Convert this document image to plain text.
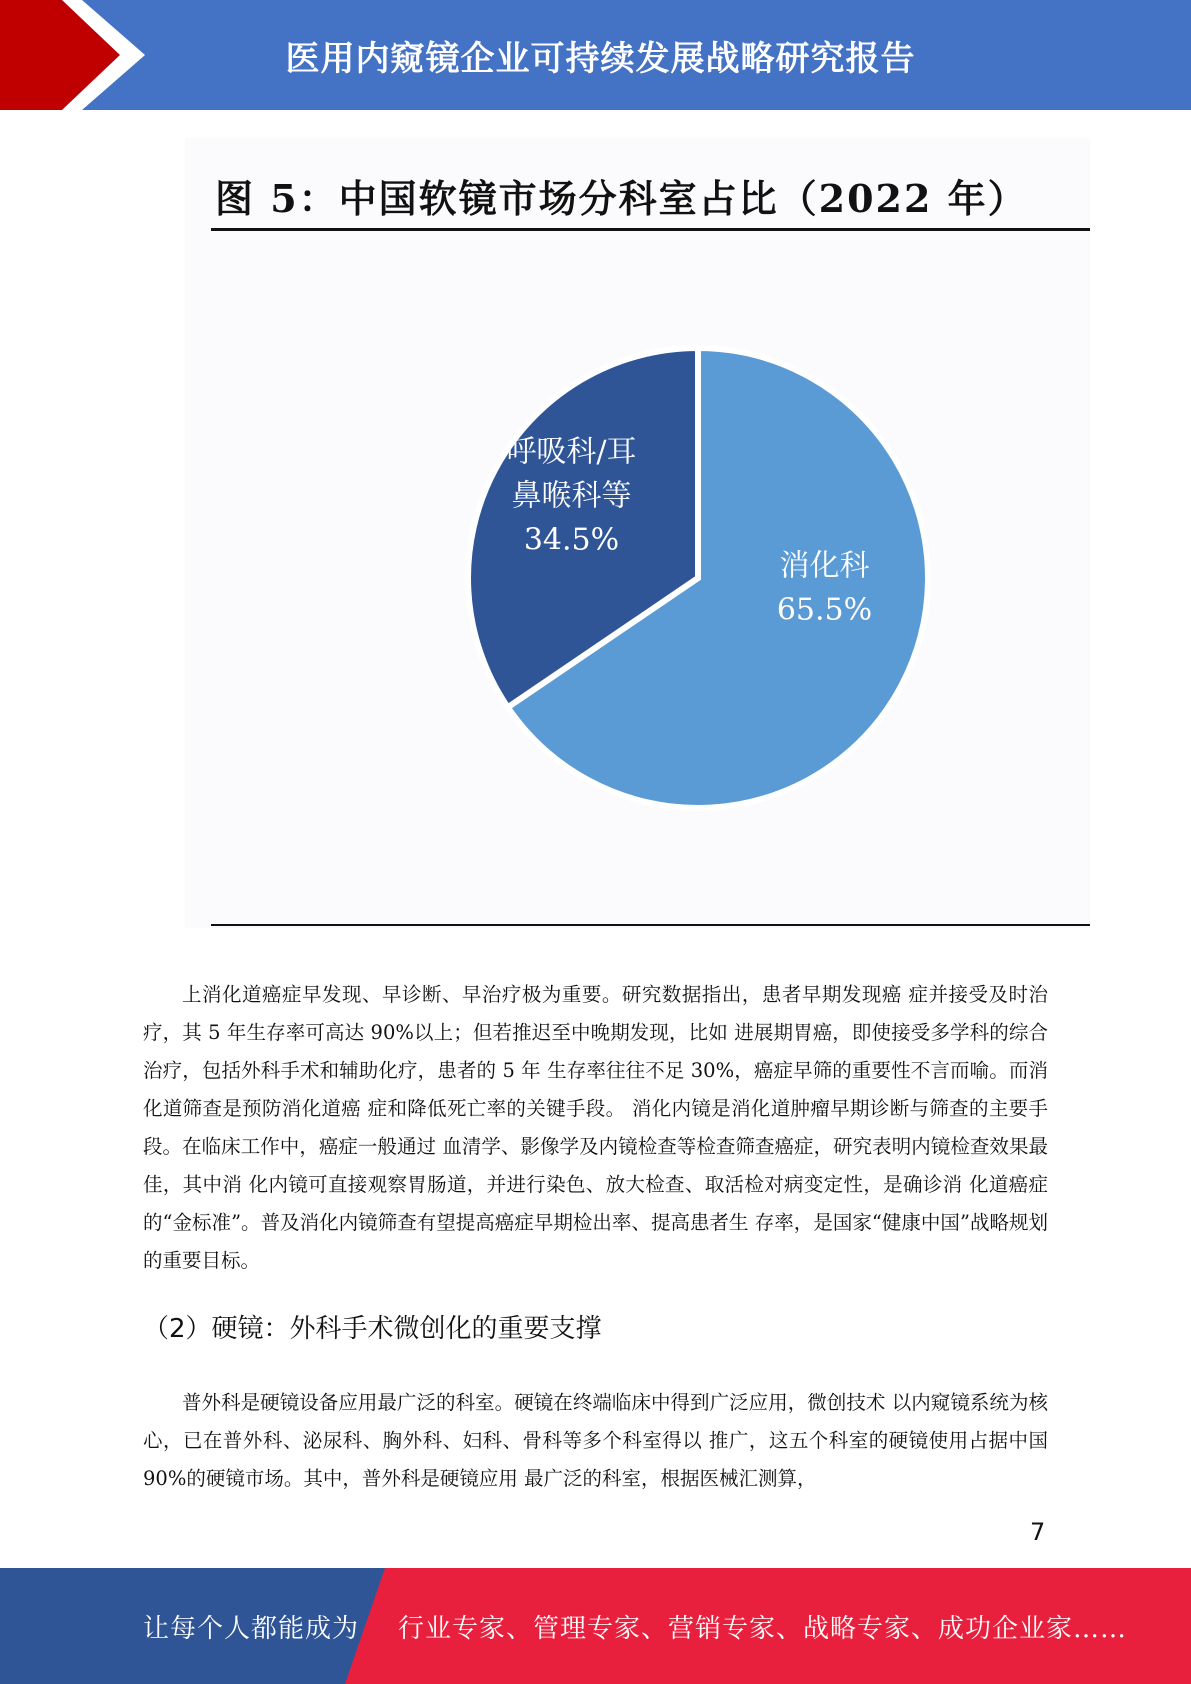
医用内窥镜企业可持续发展战略研究报告
图 5：中国软镜市场分科室占比（2022 年）
消化科
65.5%
呼吸科/耳
鼻喉科等
34.5%
上消化道癌症早发现、早诊断、早治疗极为重要。研究数据指出，患者早期发现癌 症并接受及时治疗，其 5 年生存率可高达 90%以上；但若推迟至中晚期发现，比如 进展期胃癌，即使接受多学科的综合治疗，包括外科手术和辅助化疗，患者的 5 年 生存率往往不足 30%，癌症早筛的重要性不言而喻。而消化道筛查是预防消化道癌 症和降低死亡率的关键手段。 消化内镜是消化道肿瘤早期诊断与筛查的主要手段。在临床工作中，癌症一般通过 血清学、影像学及内镜检查等检查筛查癌症，研究表明内镜检查效果最佳，其中消 化内镜可直接观察胃肠道，并进行染色、放大检查、取活检对病变定性，是确诊消 化道癌症的“金标准”。普及消化内镜筛查有望提高癌症早期检出率、提高患者生 存率，是国家“健康中国”战略规划的重要目标。
（2）硬镜：外科手术微创化的重要支撑
普外科是硬镜设备应用最广泛的科室。硬镜在终端临床中得到广泛应用，微创技术 以内窥镜系统为核心，已在普外科、泌尿科、胸外科、妇科、骨科等多个科室得以 推广，这五个科室的硬镜使用占据中国 90%的硬镜市场。其中，普外科是硬镜应用 最广泛的科室，根据医械汇测算，
7
让每个人都能成为 行业专家、管理专家、营销专家、战略专家、成功企业家……
